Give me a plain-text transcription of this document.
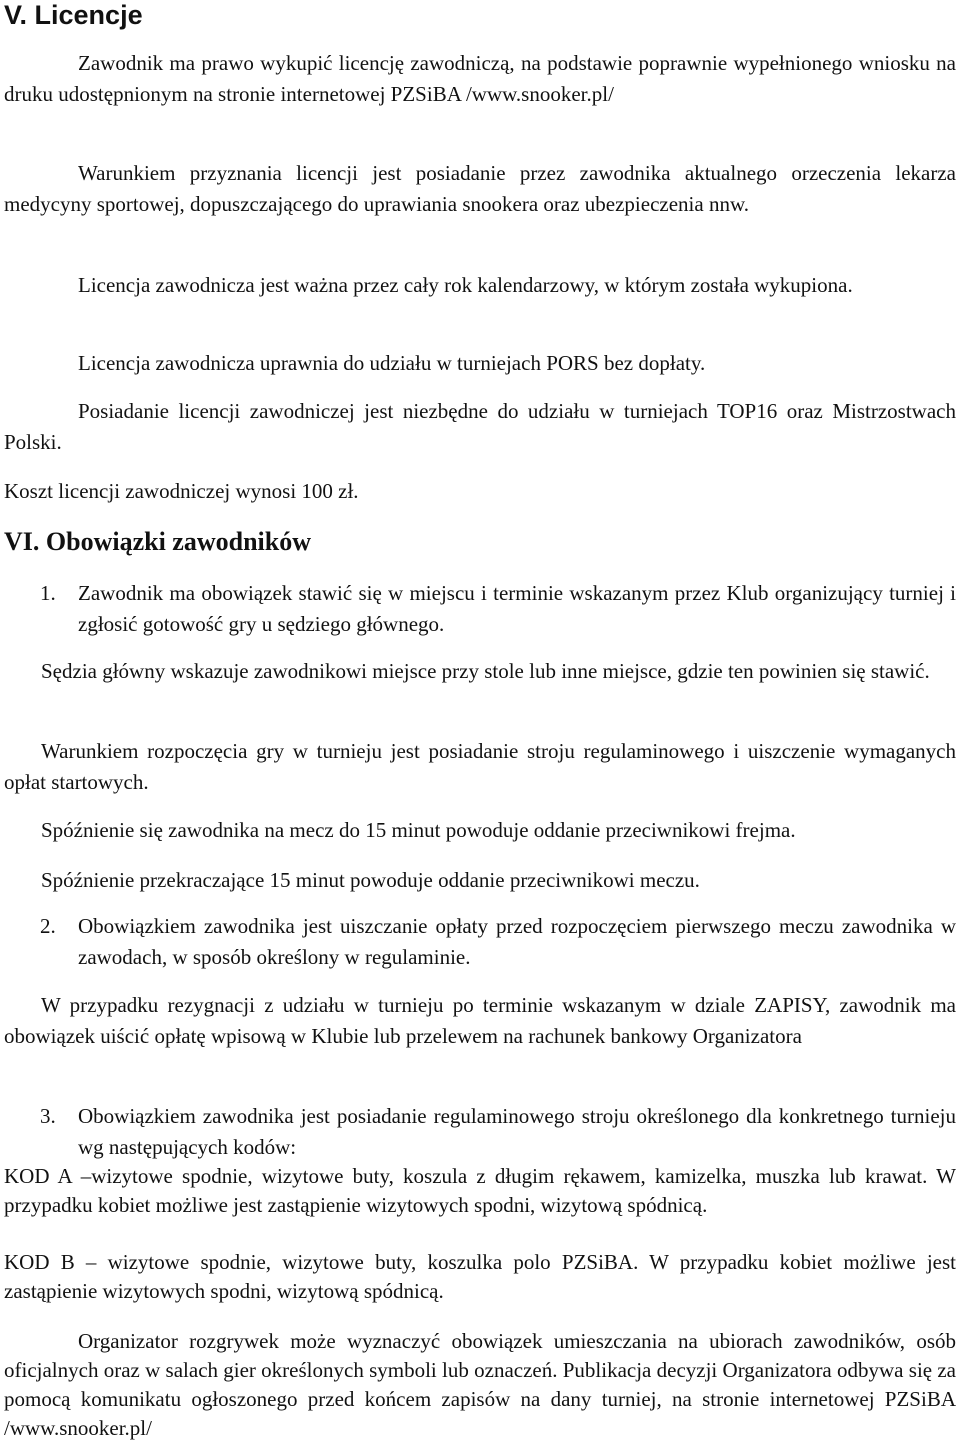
V. Licencje

Zawodnik ma prawo wykupić licencję zawodniczą, na podstawie poprawnie wypełnionego wniosku na druku udostępnionym na stronie internetowej PZSiBA /www.snooker.pl/

Warunkiem przyznania licencji jest posiadanie przez zawodnika aktualnego orzeczenia lekarza medycyny sportowej, dopuszczającego do uprawiania snookera oraz ubezpieczenia nnw.

Licencja zawodnicza jest ważna przez cały rok kalendarzowy, w którym została wykupiona.

Licencja zawodnicza uprawnia do udziału w turniejach PORS bez dopłaty.

Posiadanie licencji zawodniczej jest niezbędne do udziału w turniejach TOP16 oraz Mistrzostwach Polski.

Koszt licencji zawodniczej wynosi 100 zł.

VI. Obowiązki zawodników
1.	Zawodnik ma obowiązek stawić się w miejscu i terminie wskazanym przez Klub organizujący turniej i zgłosić gotowość gry u sędziego głównego.

Sędzia główny wskazuje zawodnikowi miejsce przy stole lub inne miejsce, gdzie ten powinien się stawić.

Warunkiem rozpoczęcia gry w turnieju jest posiadanie stroju regulaminowego i uiszczenie wymaganych opłat startowych.

Spóźnienie się zawodnika na mecz do 15 minut powoduje oddanie przeciwnikowi frejma.

Spóźnienie przekraczające 15 minut powoduje oddanie przeciwnikowi meczu.

2.	Obowiązkiem zawodnika jest uiszczanie opłaty przed rozpoczęciem pierwszego meczu zawodnika w zawodach, w sposób określony w regulaminie.

W przypadku rezygnacji z udziału w turnieju po terminie wskazanym w dziale ZAPISY, zawodnik ma obowiązek uiścić opłatę wpisową w Klubie lub przelewem na rachunek bankowy Organizatora

3.	Obowiązkiem zawodnika jest posiadanie regulaminowego stroju określonego dla konkretnego turnieju wg następujących kodów:

KOD A –wizytowe spodnie, wizytowe buty, koszula z długim rękawem, kamizelka, muszka lub krawat. W przypadku kobiet możliwe jest zastąpienie wizytowych spodni, wizytową spódnicą.

KOD B – wizytowe spodnie, wizytowe buty, koszulka polo PZSiBA. W przypadku kobiet możliwe jest zastąpienie wizytowych spodni, wizytową spódnicą.

Organizator rozgrywek może wyznaczyć obowiązek umieszczania na ubiorach zawodników, osób oficjalnych oraz w salach gier określonych symboli lub oznaczeń. Publikacja decyzji Organizatora odbywa się za pomocą komunikatu ogłoszonego przed końcem zapisów na dany turniej, na stronie internetowej PZSiBA /www.snooker.pl/
